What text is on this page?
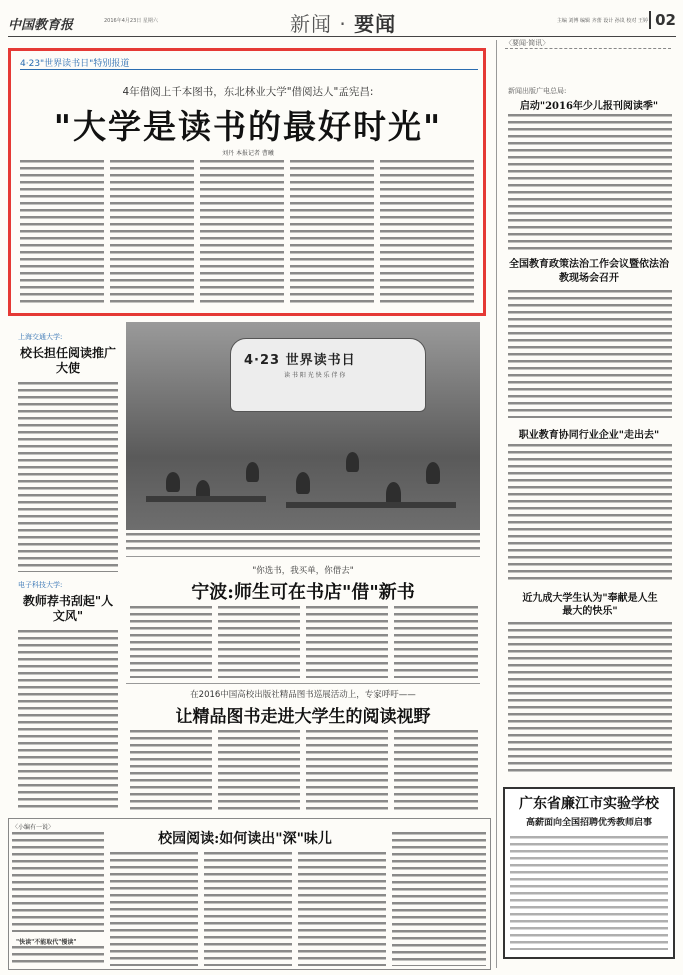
中国教育报	2016年4月23日 星期六	新闻 · 要闻	主编 刘博 编辑 齐蕾 设计 孙岚 校对 王婷 02
4·23"世界读书日"特别报道
4年借阅上千本图书，东北林业大学"借阅达人"孟宪昌:
"大学是读书的最好时光"
刘丹 本报记者 曹曦
上海交通大学:
校长担任阅读推广大使
电子科技大学:
教师荐书刮起"人文风"
4·23 世界读书日
读 书 阳 光 快 乐 伴 你
"你选书，我买单，你借去"
宁波:师生可在书店"借"新书
在2016中国高校出版社精品图书巡展活动上，专家呼吁——
让精品图书走进大学生的阅读视野
〈小编有一说〉
校园阅读:如何读出"深"味儿
"快读"不能取代"慢读"
〈要闻·简讯〉
新闻出版广电总局:
启动"2016年少儿报刊阅读季"
全国教育政策法治工作会议暨依法治教现场会召开
职业教育协同行业企业"走出去"
近九成大学生认为"奉献是人生最大的快乐"
广东省廉江市实验学校
高薪面向全国招聘优秀教师启事
